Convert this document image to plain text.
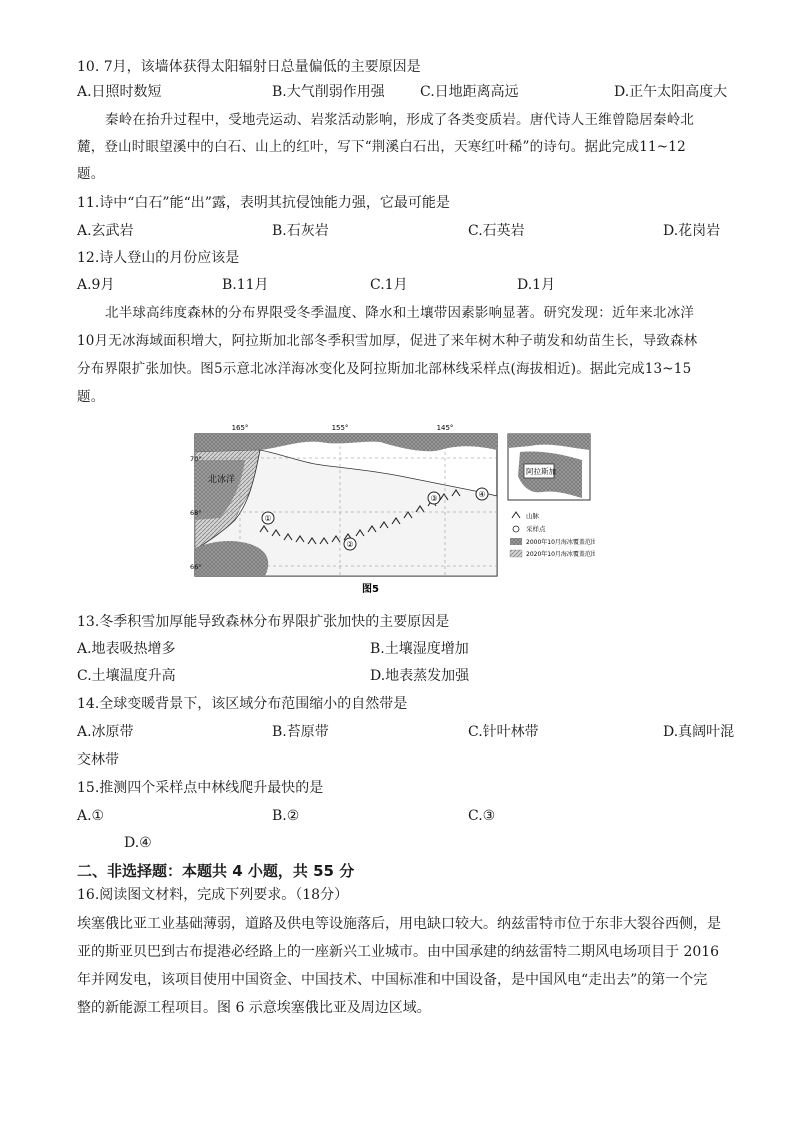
10. 7月，该墙体获得太阳辐射日总量偏低的主要原因是
A.日照时数短	B.大气削弱作用强	C.日地距离高远	D.正午太阳高度大
秦岭在抬升过程中，受地壳运动、岩浆活动影响，形成了各类变质岩。唐代诗人王维曾隐居秦岭北
麓，登山时眼望溪中的白石、山上的红叶，写下“荆溪白石出，天寒红叶稀”的诗句。据此完成11~12
题。
11.诗中“白石”能“出”露，表明其抗侵蚀能力强，它最可能是
A.玄武岩	B.石灰岩	C.石英岩	D.花岗岩
12.诗人登山的月份应该是
A.9月	B.11月	C.1月	D.1月
北半球高纬度森林的分布界限受冬季温度、降水和土壤带因素影响显著。研究发现：近年来北冰洋
10月无冰海域面积增大，阿拉斯加北部冬季积雪加厚，促进了来年树木种子萌发和幼苗生长，导致森林
分布界限扩张加快。图5示意北冰洋海冰变化及阿拉斯加北部林线采样点(海拔相近)。据此完成13~15
题。
①
②
③	④
北冰洋
165°	155°	145°
70°
68°
66°
阿拉斯加
山脉
采样点
2000年10月海冰覆盖范围
2020年10月海冰覆盖范围
图5
13.冬季积雪加厚能导致森林分布界限扩张加快的主要原因是
A.地表吸热增多	B.土壤湿度增加
C.土壤温度升高	D.地表蒸发加强
14.全球变暖背景下，该区域分布范围缩小的自然带是
A.冰原带	B.苔原带	C.针叶林带	D.真阔叶混
交林带
15.推测四个采样点中林线爬升最快的是
A.①	B.②	C.③
D.④
二、非选择题：本题共 4 小题，共 55 分
16.阅读图文材料，完成下列要求。（18分）
埃塞俄比亚工业基础薄弱，道路及供电等设施落后，用电缺口较大。纳兹雷特市位于东非大裂谷西侧，是
亚的斯亚贝巴到古布提港必经路上的一座新兴工业城市。由中国承建的纳兹雷特二期风电场项目于 2016
年并网发电，该项目使用中国资金、中国技术、中国标准和中国设备，是中国风电“走出去”的第一个完
整的新能源工程项目。图 6 示意埃塞俄比亚及周边区域。
